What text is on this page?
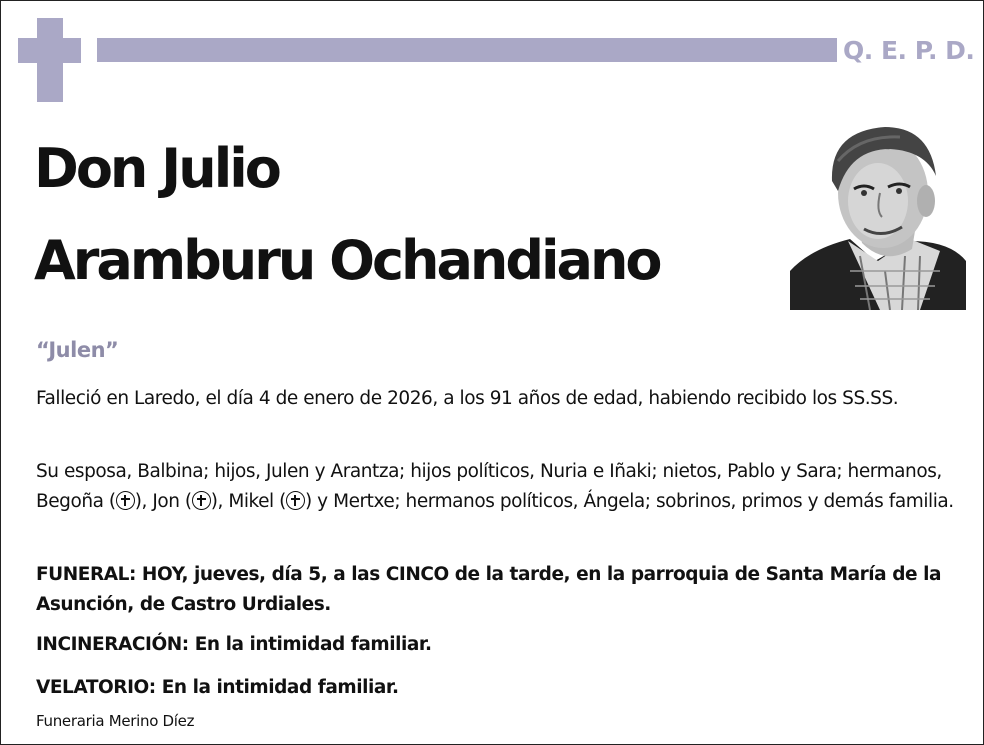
Q. E. P. D.
Don Julio
Aramburu Ochandiano
“Julen”
Falleció en Laredo, el día 4 de enero de 2026, a los 91 años de edad, habiendo recibido los SS.SS.
Su esposa, Balbina; hijos, Julen y Arantza; hijos políticos, Nuria e Iñaki; nietos, Pablo y Sara; hermanos, Begoña ( ), Jon ( ), Mikel ( ) y Mertxe; hermanos políticos, Ángela; sobrinos, primos y demás familia.
FUNERAL: HOY, jueves, día 5, a las CINCO de la tarde, en la parroquia de Santa María de la Asunción, de Castro Urdiales.
INCINERACIÓN: En la intimidad familiar.
VELATORIO: En la intimidad familiar.
Funeraria Merino Díez
